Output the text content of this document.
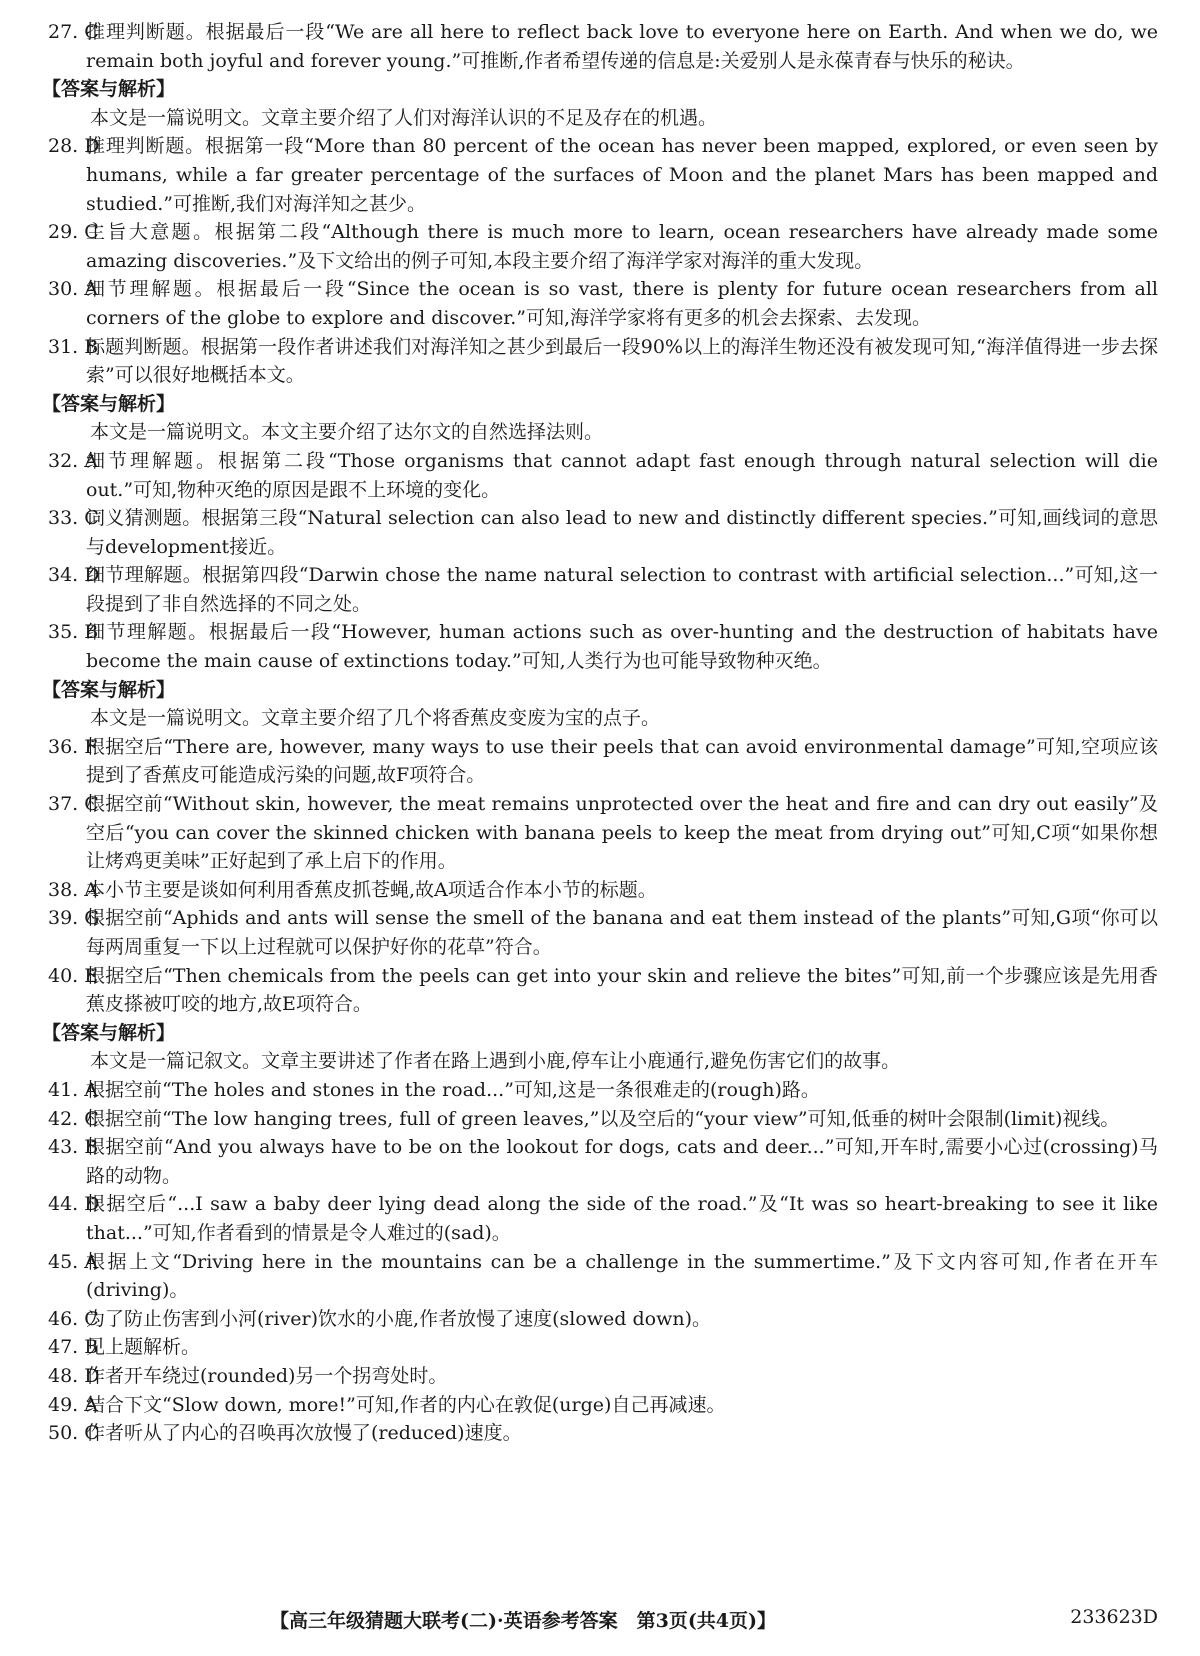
27. C
推理判断题。根据最后一段“We are all here to reflect back love to everyone here on Earth. And when we do, we remain both joyful and forever young.”可推断,作者希望传递的信息是:关爱别人是永葆青春与快乐的秘诀。
【答案与解析】
本文是一篇说明文。文章主要介绍了人们对海洋认识的不足及存在的机遇。
28. D
推理判断题。根据第一段“More than 80 percent of the ocean has never been mapped, explored, or even seen by humans, while a far greater percentage of the surfaces of Moon and the planet Mars has been mapped and studied.”可推断,我们对海洋知之甚少。
29. C
主旨大意题。根据第二段“Although there is much more to learn, ocean researchers have already made some amazing discoveries.”及下文给出的例子可知,本段主要介绍了海洋学家对海洋的重大发现。
30. A
细节理解题。根据最后一段“Since the ocean is so vast, there is plenty for future ocean researchers from all corners of the globe to explore and discover.”可知,海洋学家将有更多的机会去探索、去发现。
31. B
标题判断题。根据第一段作者讲述我们对海洋知之甚少到最后一段90%以上的海洋生物还没有被发现可知,“海洋值得进一步去探索”可以很好地概括本文。
【答案与解析】
本文是一篇说明文。本文主要介绍了达尔文的自然选择法则。
32. A
细节理解题。根据第二段“Those organisms that cannot adapt fast enough through natural selection will die out.”可知,物种灭绝的原因是跟不上环境的变化。
33. C
词义猜测题。根据第三段“Natural selection can also lead to new and distinctly different species.”可知,画线词的意思与development接近。
34. D
细节理解题。根据第四段“Darwin chose the name natural selection to contrast with artificial selection...”可知,这一段提到了非自然选择的不同之处。
35. B
细节理解题。根据最后一段“However, human actions such as over-hunting and the destruction of habitats have become the main cause of extinctions today.”可知,人类行为也可能导致物种灭绝。
【答案与解析】
本文是一篇说明文。文章主要介绍了几个将香蕉皮变废为宝的点子。
36. F
根据空后“There are, however, many ways to use their peels that can avoid environmental damage”可知,空项应该提到了香蕉皮可能造成污染的问题,故F项符合。
37. C
根据空前“Without skin, however, the meat remains unprotected over the heat and fire and can dry out easily”及空后“you can cover the skinned chicken with banana peels to keep the meat from drying out”可知,C项“如果你想让烤鸡更美味”正好起到了承上启下的作用。
38. A
本小节主要是谈如何利用香蕉皮抓苍蝇,故A项适合作本小节的标题。
39. G
根据空前“Aphids and ants will sense the smell of the banana and eat them instead of the plants”可知,G项“你可以每两周重复一下以上过程就可以保护好你的花草”符合。
40. E
根据空后“Then chemicals from the peels can get into your skin and relieve the bites”可知,前一个步骤应该是先用香蕉皮搽被叮咬的地方,故E项符合。
【答案与解析】
本文是一篇记叙文。文章主要讲述了作者在路上遇到小鹿,停车让小鹿通行,避免伤害它们的故事。
41. A
根据空前“The holes and stones in the road...”可知,这是一条很难走的(rough)路。
42. C
根据空前“The low hanging trees, full of green leaves,”以及空后的“your view”可知,低垂的树叶会限制(limit)视线。
43. B
根据空前“And you always have to be on the lookout for dogs, cats and deer...”可知,开车时,需要小心过(crossing)马路的动物。
44. D
根据空后“...I saw a baby deer lying dead along the side of the road.”及“It was so heart-breaking to see it like that...”可知,作者看到的情景是令人难过的(sad)。
45. A
根据上文“Driving here in the mountains can be a challenge in the summertime.”及下文内容可知,作者在开车(driving)。
46. C
为了防止伤害到小河(river)饮水的小鹿,作者放慢了速度(slowed down)。
47. B
见上题解析。
48. D
作者开车绕过(rounded)另一个拐弯处时。
49. A
结合下文“Slow down, more!”可知,作者的内心在敦促(urge)自己再减速。
50. C
作者听从了内心的召唤再次放慢了(reduced)速度。
【高三年级猜题大联考(二)·英语参考答案　第3页(共4页)】	233623D
